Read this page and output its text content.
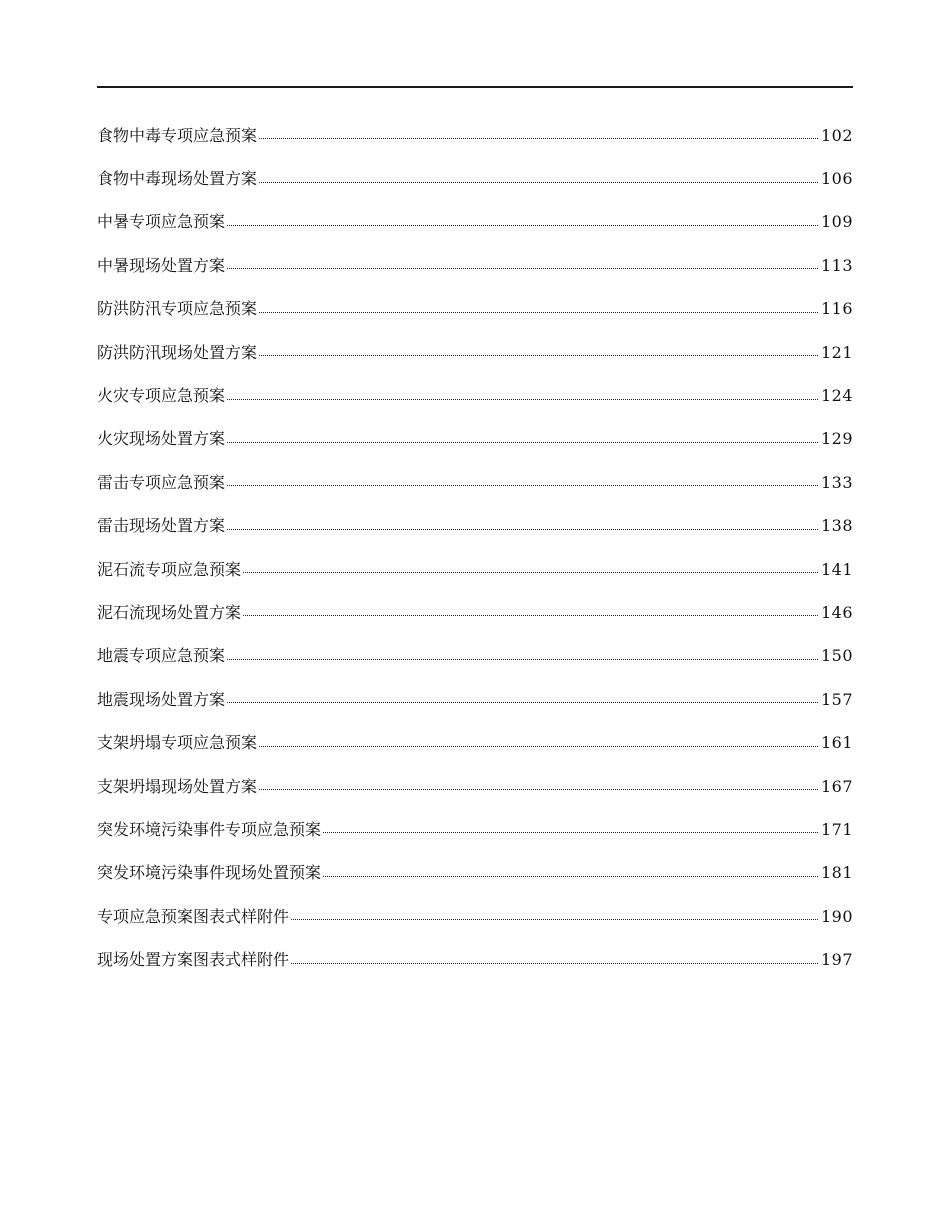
食物中毒专项应急预案	102
食物中毒现场处置方案	106
中暑专项应急预案	109
中暑现场处置方案	113
防洪防汛专项应急预案	116
防洪防汛现场处置方案	121
火灾专项应急预案	124
火灾现场处置方案	129
雷击专项应急预案	133
雷击现场处置方案	138
泥石流专项应急预案	141
泥石流现场处置方案	146
地震专项应急预案	150
地震现场处置方案	157
支架坍塌专项应急预案	161
支架坍塌现场处置方案	167
突发环境污染事件专项应急预案	171
突发环境污染事件现场处置预案	181
专项应急预案图表式样附件	190
现场处置方案图表式样附件	197
